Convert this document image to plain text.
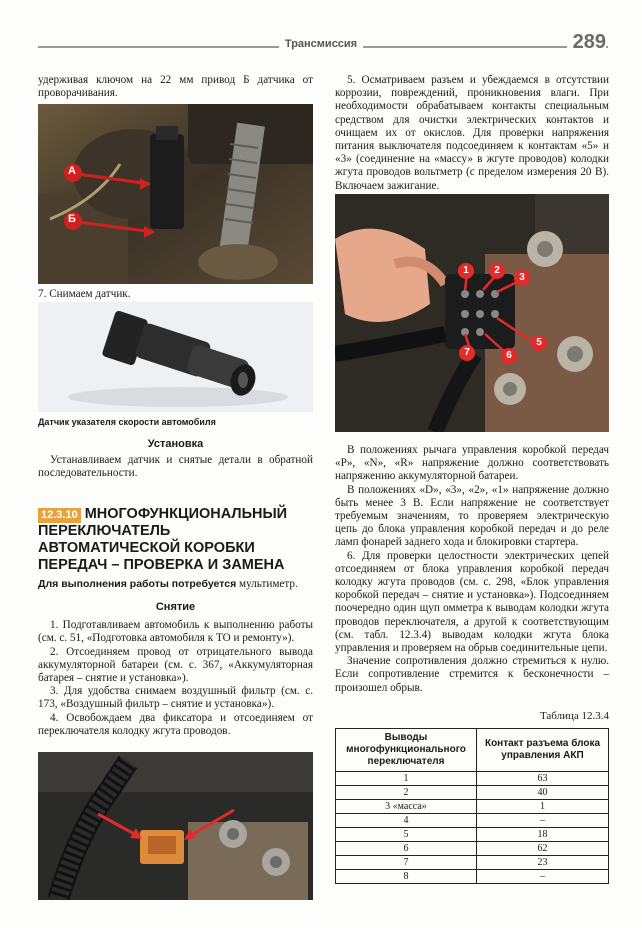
Трансмиссия	289

удерживая ключом на 22 мм привод Б датчика от проворачивания.

А
Б

7. Снимаем датчик.

Датчик указателя скорости автомобиля

Установка

Устанавливаем датчик и снятые детали в обратной последовательности.

12.3.10 МНОГОФУНКЦИОНАЛЬНЫЙ ПЕРЕКЛЮЧАТЕЛЬ АВТОМАТИЧЕСКОЙ КОРОБКИ ПЕРЕДАЧ – ПРОВЕРКА И ЗАМЕНА

Для выполнения работы потребуется мультиметр.

Снятие

1. Подготавливаем автомобиль к выполнению работы (см. с. 51, «Подготовка автомобиля к ТО и ремонту»).

2. Отсоединяем провод от отрицательного вывода аккумуляторной батареи (см. с. 367, «Аккумуляторная батарея – снятие и установка»).

3. Для удобства снимаем воздушный фильтр (см. с. 173, «Воздушный фильтр – снятие и установка»).

4. Освобождаем два фиксатора и отсоединяем от переключателя колодку жгута проводов.

5. Осматриваем разъем и убеждаемся в отсутствии коррозии, повреждений, проникновения влаги. При необходимости обрабатываем контакты специальным средством для очистки электрических контактов и очищаем их от окислов. Для проверки напряжения питания выключателя подсоединяем к контактам «5» и «3» (соединение на «массу» в жгуте проводов) колодки жгута проводов вольтметр (с пределом измерения 20 В). Включаем зажигание.

1	2
3
5
6
7

В положениях рычага управления коробкой передач «P», «N», «R» напряжение должно соответствовать напряжению аккумуляторной батареи.

В положениях «D», «3», «2», «1» напряжение должно быть менее 3 В. Если напряжение не соответствует требуемым значениям, то проверяем электрическую цепь до блока управления коробкой передач и до реле ламп фонарей заднего хода и блокировки стартера.

6. Для проверки целостности электрических цепей отсоединяем от блока управления коробкой передач колодку жгута проводов (см. с. 298, «Блок управления коробкой передач – снятие и установка»). Подсоединяем поочередно один щуп омметра к выводам колодки жгута проводов переключателя, а другой к соответствующим (см. табл. 12.3.4) выводам колодки жгута блока управления и проверяем на обрыв соединительные цепи.

Значение сопротивления должно стремиться к нулю. Если сопротивление стремится к бесконечности – произошел обрыв.

Таблица 12.3.4

Выводы многофункционального переключателя	Контакт разъема блока управления АКП
1	63
2	40
3 «масса»	1
4	–
5	18
6	62
7	23
8	–
